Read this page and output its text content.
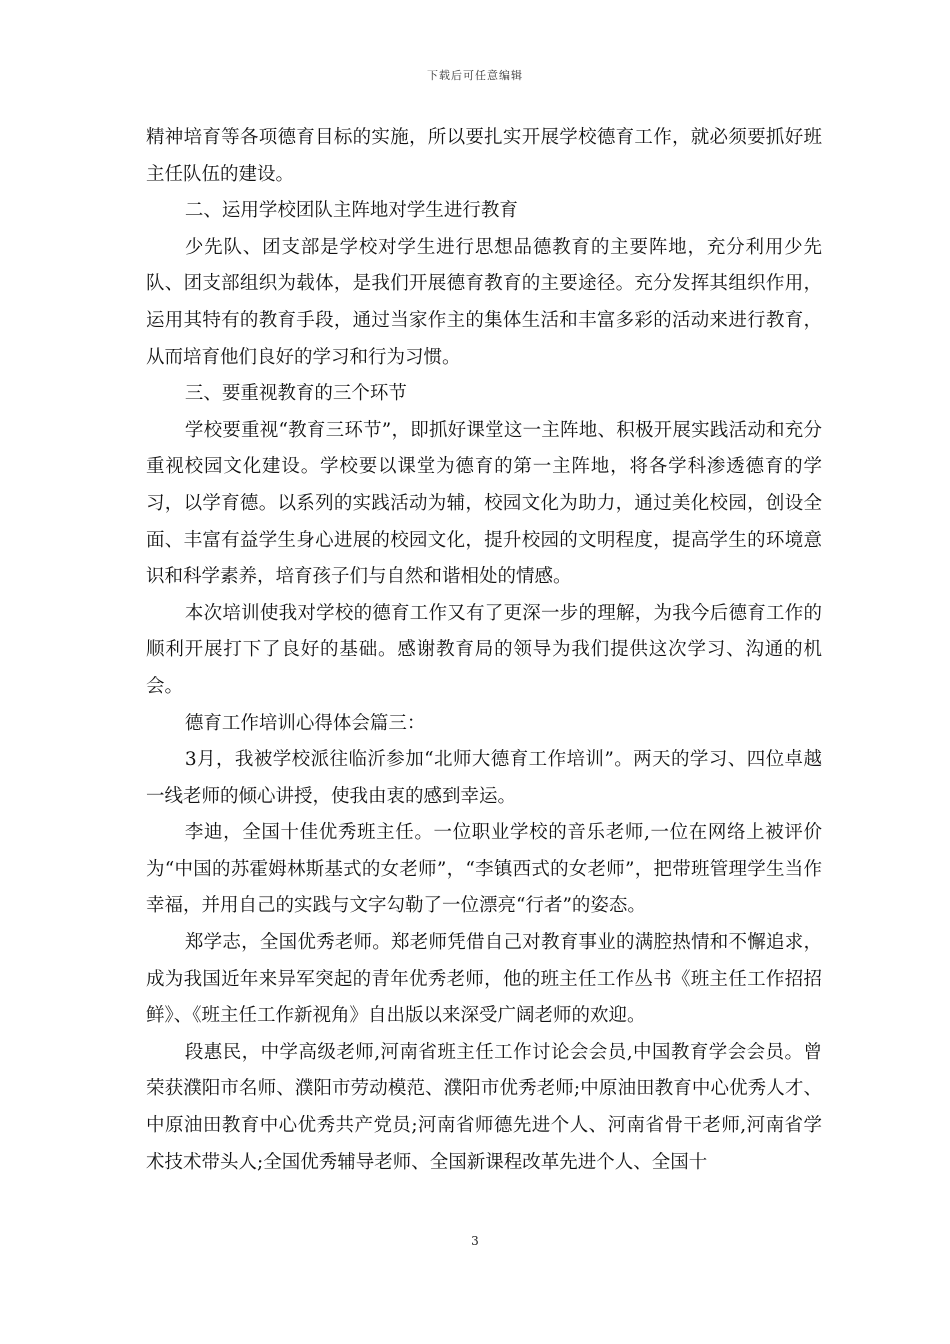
下载后可任意编辑

精神培育等各项德育目标的实施，所以要扎实开展学校德育工作，就必须要抓好班主任队伍的建设。

二、运用学校团队主阵地对学生进行教育

少先队、团支部是学校对学生进行思想品德教育的主要阵地，充分利用少先队、团支部组织为载体，是我们开展德育教育的主要途径。充分发挥其组织作用，运用其特有的教育手段，通过当家作主的集体生活和丰富多彩的活动来进行教育，从而培育他们良好的学习和行为习惯。

三、要重视教育的三个环节

学校要重视“教育三环节”，即抓好课堂这一主阵地、积极开展实践活动和充分重视校园文化建设。学校要以课堂为德育的第一主阵地，将各学科渗透德育的学习，以学育德。以系列的实践活动为辅，校园文化为助力，通过美化校园，创设全面、丰富有益学生身心进展的校园文化，提升校园的文明程度，提高学生的环境意识和科学素养，培育孩子们与自然和谐相处的情感。

本次培训使我对学校的德育工作又有了更深一步的理解，为我今后德育工作的顺利开展打下了良好的基础。感谢教育局的领导为我们提供这次学习、沟通的机会。

德育工作培训心得体会篇三：

3月，我被学校派往临沂参加“北师大德育工作培训”。两天的学习、四位卓越一线老师的倾心讲授，使我由衷的感到幸运。

李迪，全国十佳优秀班主任。一位职业学校的音乐老师,一位在网络上被评价为“中国的苏霍姆林斯基式的女老师”，“李镇西式的女老师”，把带班管理学生当作幸福，并用自己的实践与文字勾勒了一位漂亮“行者”的姿态。

郑学志，全国优秀老师。郑老师凭借自己对教育事业的满腔热情和不懈追求，成为我国近年来异军突起的青年优秀老师，他的班主任工作丛书《班主任工作招招鲜》、《班主任工作新视角》自出版以来深受广阔老师的欢迎。

段惠民，中学高级老师,河南省班主任工作讨论会会员,中国教育学会会员。曾荣获濮阳市名师、濮阳市劳动模范、濮阳市优秀老师;中原油田教育中心优秀人才、中原油田教育中心优秀共产党员;河南省师德先进个人、河南省骨干老师,河南省学术技术带头人;全国优秀辅导老师、全国新课程改革先进个人、全国十

3
